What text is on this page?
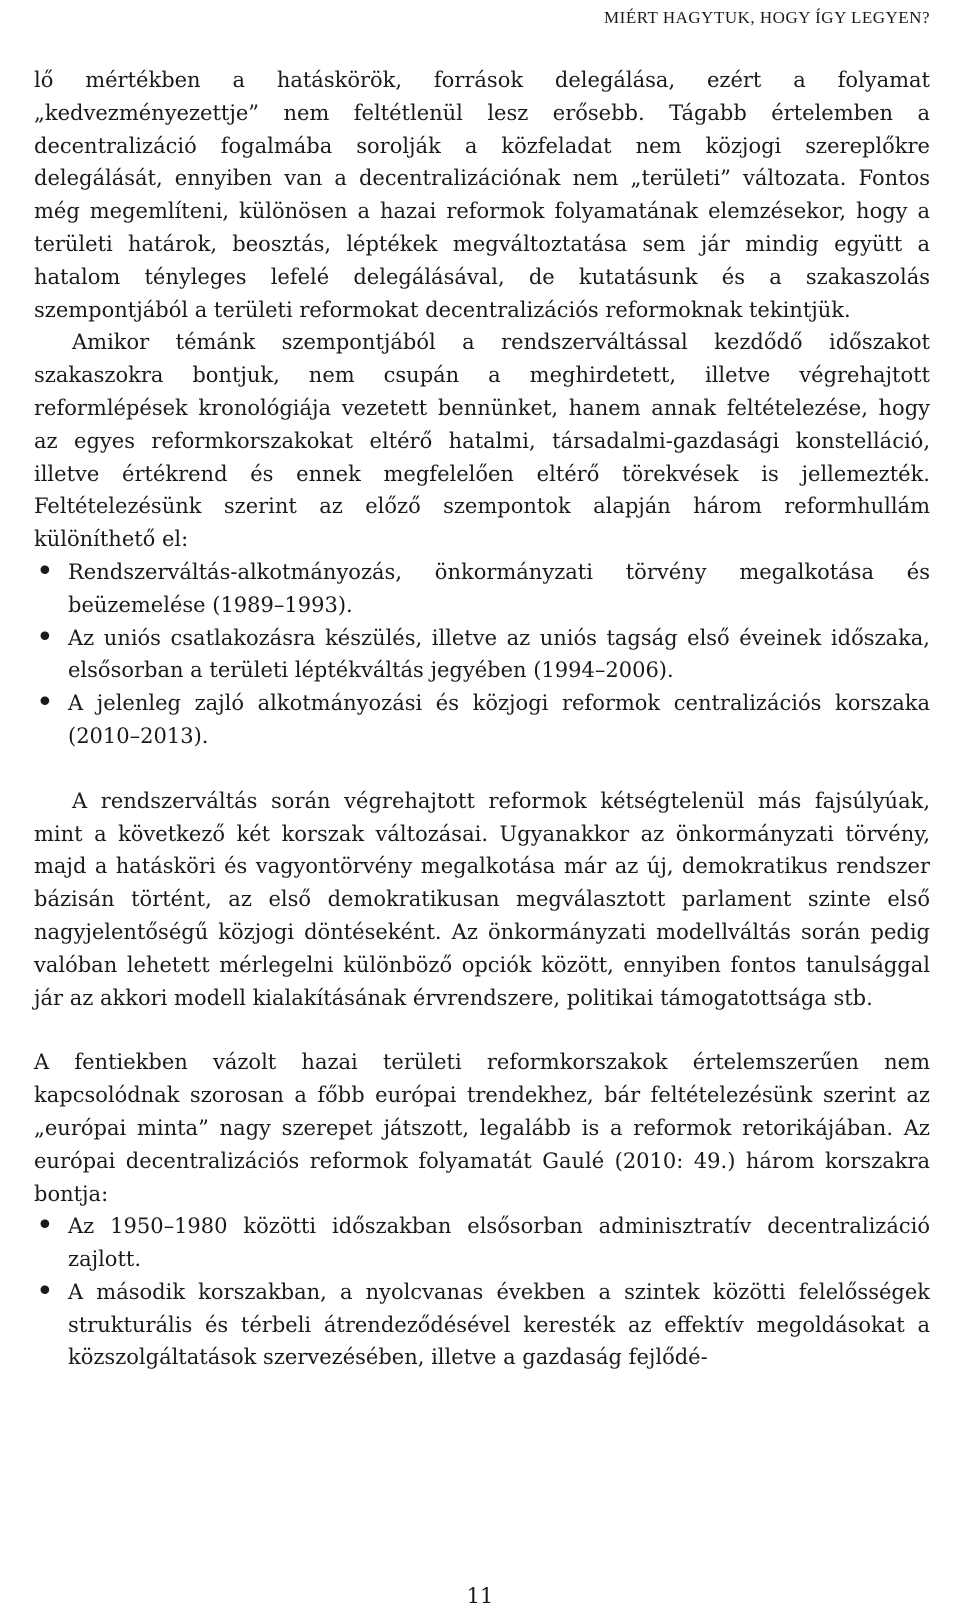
MIÉRT HAGYTUK, HOGY ÍGY LEGYEN?

lő mértékben a hatáskörök, források delegálása, ezért a folyamat „kedvezményezettje” nem feltétlenül lesz erősebb. Tágabb értelemben a decentralizáció fogalmába sorolják a közfeladat nem közjogi szereplőkre delegálását, ennyiben van a decentralizációnak nem „területi” változata. Fontos még megemlíteni, különösen a hazai reformok folyamatának elemzésekor, hogy a területi határok, beosztás, léptékek megváltoztatása sem jár mindig együtt a hatalom tényleges lefelé delegálásával, de kutatásunk és a szakaszolás szempontjából a területi reformokat decentralizációs reformoknak tekintjük.

Amikor témánk szempontjából a rendszerváltással kezdődő időszakot szakaszokra bontjuk, nem csupán a meghirdetett, illetve végrehajtott reformlépések kronológiája vezetett bennünket, hanem annak feltételezése, hogy az egyes reformkorszakokat eltérő hatalmi, társadalmi-gazdasági konstelláció, illetve értékrend és ennek megfelelően eltérő törekvések is jellemezték. Feltételezésünk szerint az előző szempontok alapján három reformhullám különíthető el:

• Rendszerváltás-alkotmányozás, önkormányzati törvény megalkotása és beüzemelése (1989–1993).
• Az uniós csatlakozásra készülés, illetve az uniós tagság első éveinek időszaka, elsősorban a területi léptékváltás jegyében (1994–2006).
• A jelenleg zajló alkotmányozási és közjogi reformok centralizációs korszaka (2010–2013).

A rendszerváltás során végrehajtott reformok kétségtelenül más fajsúlyúak, mint a következő két korszak változásai. Ugyanakkor az önkormányzati törvény, majd a hatásköri és vagyontörvény megalkotása már az új, demokratikus rendszer bázisán történt, az első demokratikusan megválasztott parlament szinte első nagyjelentőségű közjogi döntéseként. Az önkormányzati modellváltás során pedig valóban lehetett mérlegelni különböző opciók között, ennyiben fontos tanulsággal jár az akkori modell kialakításának érvrendszere, politikai támogatottsága stb.

A fentiekben vázolt hazai területi reformkorszakok értelemszerűen nem kapcsolódnak szorosan a főbb európai trendekhez, bár feltételezésünk szerint az „európai minta” nagy szerepet játszott, legalább is a reformok retorikájában. Az európai decentralizációs reformok folyamatát Gaulé (2010: 49.) három korszakra bontja:

• Az 1950–1980 közötti időszakban elsősorban adminisztratív decentralizáció zajlott.
• A második korszakban, a nyolcvanas években a szintek közötti felelősségek strukturális és térbeli átrendeződésével keresték az effektív megoldásokat a közszolgáltatások szervezésében, illetve a gazdaság fejlődé-
11
